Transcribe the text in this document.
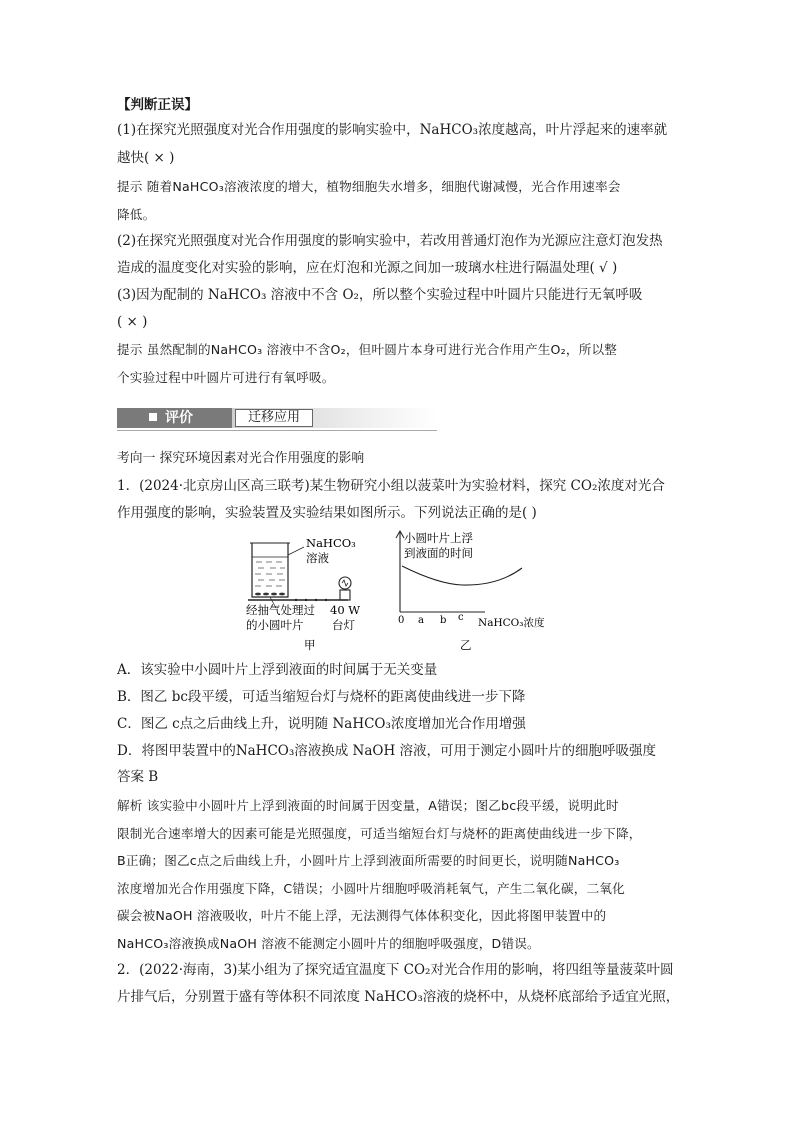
【判断正误】
(1)在探究光照强度对光合作用强度的影响实验中，NaHCO₃浓度越高，叶片浮起来的速率就
越快( × )
提示 随着NaHCO₃溶液浓度的增大，植物细胞失水增多，细胞代谢减慢，光合作用速率会
降低。
(2)在探究光照强度对光合作用强度的影响实验中，若改用普通灯泡作为光源应注意灯泡发热
造成的温度变化对实验的影响，应在灯泡和光源之间加一玻璃水柱进行隔温处理( √ )
(3)因为配制的 NaHCO₃ 溶液中不含 O₂，所以整个实验过程中叶圆片只能进行无氧呼吸
( × )
提示 虽然配制的NaHCO₃ 溶液中不含O₂，但叶圆片本身可进行光合作用产生O₂，所以整
个实验过程中叶圆片可进行有氧呼吸。
评价	迁移应用
考向一 探究环境因素对光合作用强度的影响
1．(2024·北京房山区高三联考)某生物研究小组以菠菜叶为实验材料，探究 CO₂浓度对光合
作用强度的影响，实验装置及实验结果如图所示。下列说法正确的是( )
NaHCO₃
溶液
经抽气处理过
的小圆叶片
40 W
台灯
甲
小圆叶片上浮
到液面的时间
0 a b c NaHCO₃浓度
乙
A．该实验中小圆叶片上浮到液面的时间属于无关变量
B．图乙 bc段平缓，可适当缩短台灯与烧杯的距离使曲线进一步下降
C．图乙 c点之后曲线上升，说明随 NaHCO₃浓度增加光合作用增强
D．将图甲装置中的NaHCO₃溶液换成 NaOH 溶液，可用于测定小圆叶片的细胞呼吸强度
答案 B
解析 该实验中小圆叶片上浮到液面的时间属于因变量，A错误；图乙bc段平缓，说明此时
限制光合速率增大的因素可能是光照强度，可适当缩短台灯与烧杯的距离使曲线进一步下降，
B正确；图乙c点之后曲线上升，小圆叶片上浮到液面所需要的时间更长，说明随NaHCO₃
浓度增加光合作用强度下降，C错误；小圆叶片细胞呼吸消耗氧气，产生二氧化碳，二氧化
碳会被NaOH 溶液吸收，叶片不能上浮，无法测得气体体积变化，因此将图甲装置中的
NaHCO₃溶液换成NaOH 溶液不能测定小圆叶片的细胞呼吸强度，D错误。
2．(2022·海南，3)某小组为了探究适宜温度下 CO₂对光合作用的影响，将四组等量菠菜叶圆
片排气后，分别置于盛有等体积不同浓度 NaHCO₃溶液的烧杯中，从烧杯底部给予适宜光照，
